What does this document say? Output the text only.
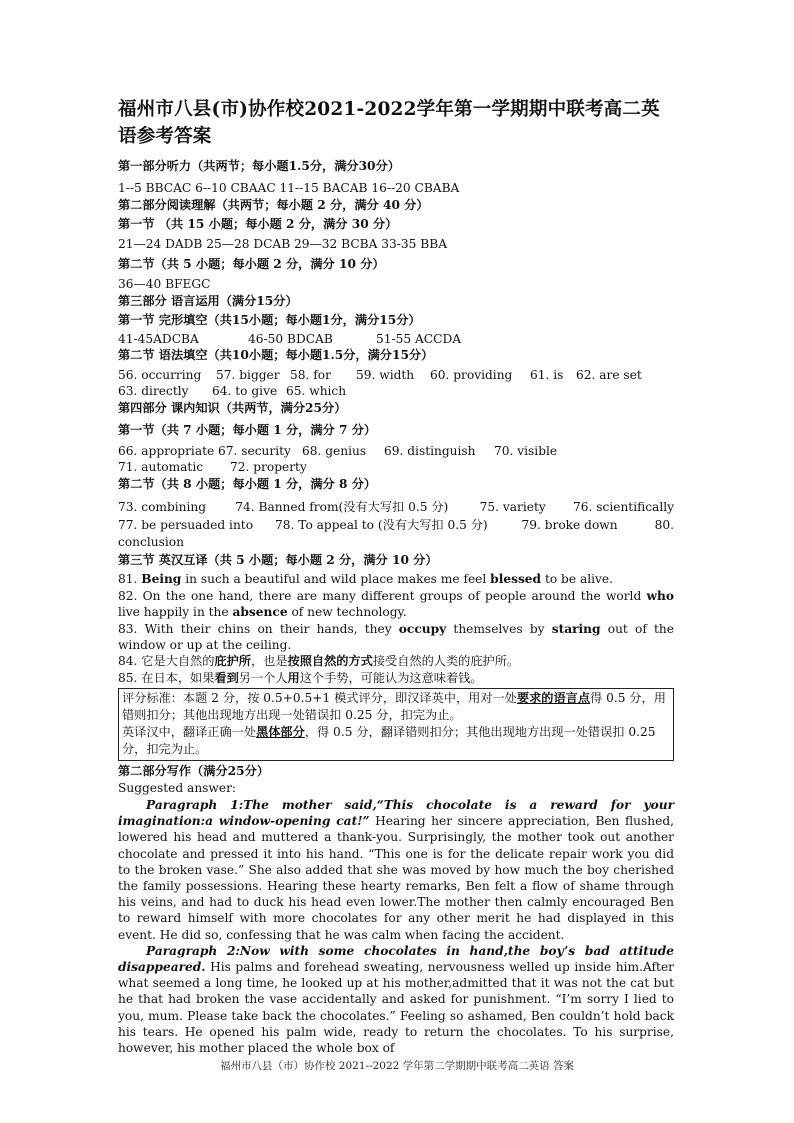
福州市八县(市)协作校2021-2022学年第一学期期中联考高二英语参考答案
第一部分听力（共两节；每小题1.5分，满分30分）
1--5 BBCAC 6--10 CBAAC 11--15 BACAB 16--20 CBABA
第二部分阅读理解（共两节；每小题 2 分，满分 40 分）
第一节 （共 15 小题；每小题 2 分，满分 30 分）
21—24 DADB 25—28 DCAB 29—32 BCBA 33-35 BBA
第二节（共 5 小题；每小题 2 分，满分 10 分）
36—40 BFEGC
第三部分 语言运用（满分15分）
第一节 完形填空（共15小题；每小题1分，满分15分）
41-45ADCBA	46-50 BDCAB	51-55 ACCDA
第二节 语法填空（共10小题；每小题1.5分，满分15分）
56. occurring	57. bigger 58. for	59. width	60. providing	61. is	62. are set
63. directly	64. to give 65. which
第四部分 课内知识（共两节，满分25分）
第一节（共 7 小题；每小题 1 分，满分 7 分）
66. appropriate 67. security 68. genius	69. distinguish	70. visible
71. automatic	72. property
第二节（共 8 小题；每小题 1 分，满分 8 分）
73. combining	74. Banned from(没有大写扣 0.5 分)	75. variety	76. scientifically
77. be persuaded into	78. To appeal to (没有大写扣 0.5 分)	79. broke down	80.
conclusion
第三节 英汉互译（共 5 小题；每小题 2 分，满分 10 分）
81. Being in such a beautiful and wild place makes me feel blessed to be alive.
82. On the one hand, there are many different groups of people around the world who live happily in the absence of new technology.
83. With their chins on their hands, they occupy themselves by staring out of the window or up at the ceiling.
84. 它是大自然的庇护所，也是按照自然的方式接受自然的人类的庇护所。
85. 在日本，如果看到另一个人用这个手势，可能认为这意味着钱。

评分标准：本题 2 分，按 0.5+0.5+1 模式评分，即汉译英中，用对一处要求的语言点得 0.5 分，用错则扣分；其他出现地方出现一处错误扣 0.25 分，扣完为止。

英译汉中，翻译正确一处黑体部分，得 0.5 分，翻译错则扣分；其他出现地方出现一处错误扣 0.25 分，扣完为止。

第二部分写作（满分25分）
Suggested answer:

Paragraph 1:The mother said,“This chocolate is a reward for your imagination:a window-opening cat!” Hearing her sincere appreciation, Ben flushed, lowered his head and muttered a thank-you. Surprisingly, the mother took out another chocolate and pressed it into his hand. “This one is for the delicate repair work you did to the broken vase.” She also added that she was moved by how much the boy cherished the family possessions. Hearing these hearty remarks, Ben felt a flow of shame through his veins, and had to duck his head even lower.The mother then calmly encouraged Ben to reward himself with more chocolates for any other merit he had displayed in this event. He did so, confessing that he was calm when facing the accident.

Paragraph 2:Now with some chocolates in hand,the boy’s bad attitude disappeared. His palms and forehead sweating, nervousness welled up inside him.After what seemed a long time, he looked up at his mother,admitted that it was not the cat but he that had broken the vase accidentally and asked for punishment. “I’m sorry I lied to you, mum. Please take back the chocolates.” Feeling so ashamed, Ben couldn’t hold back his tears. He opened his palm wide, ready to return the chocolates. To his surprise, however, his mother placed the whole box of

福州市八县（市）协作校 2021--2022 学年第二学期期中联考高二英语 答案
